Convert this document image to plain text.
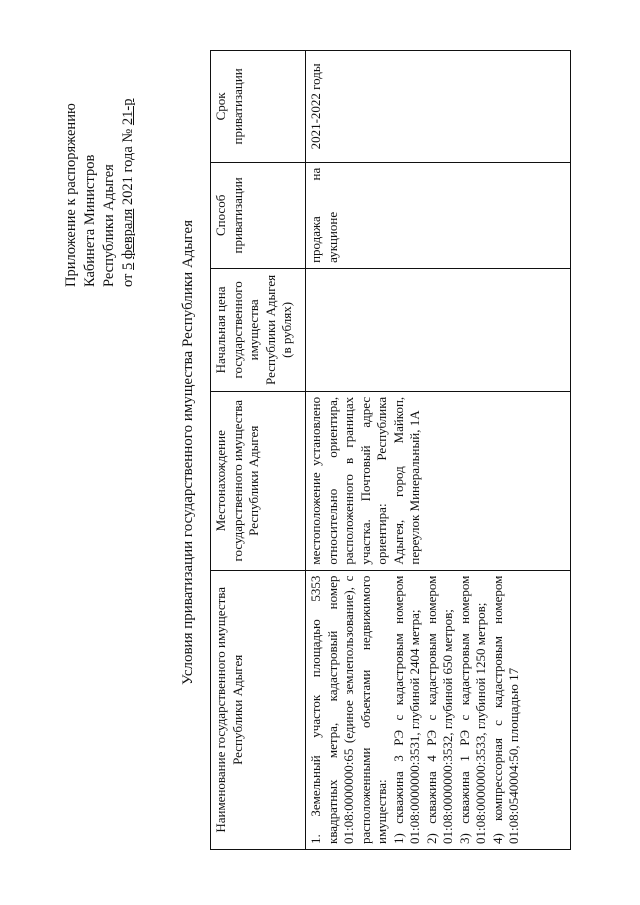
Приложение к распоряжению Кабинета Министров Республики Адыгея от 5 февраля 2021 года № 21-р
Условия приватизации государственного имущества Республики Адыгея
Наименование государственного имущества Республики Адыгея	Местонахождение государственного имущества Республики Адыгея	Начальная цена государственного имущества Республики Адыгея (в рублях)	Способ приватизации	Срок приватизации

1. Земельный участок площадью 5353 квадратных метра, кадастровый номер 01:08:0000000:65 (единое землепользование), с расположенными объектами недвижимого имущества: 1) скважина 3 РЭ с кадастровым номером 01:08:0000000:3531, глубиной 2404 метра; 2) скважина 4 РЭ с кадастровым номером 01:08:0000000:3532, глубиной 650 метров; 3) скважина 1 РЭ с кадастровым номером 01:08:0000000:3533, глубиной 1250 метров; 4) компрессорная с кадастровым номером 01:08:0540004:50, площадью 17	местоположение установлено относительно ориентира, расположенного в границах участка. Почтовый адрес ориентира: Республика Адыгея, город Майкоп, переулок Минеральный, 1А		продажа на аукционе	2021-2022 годы
